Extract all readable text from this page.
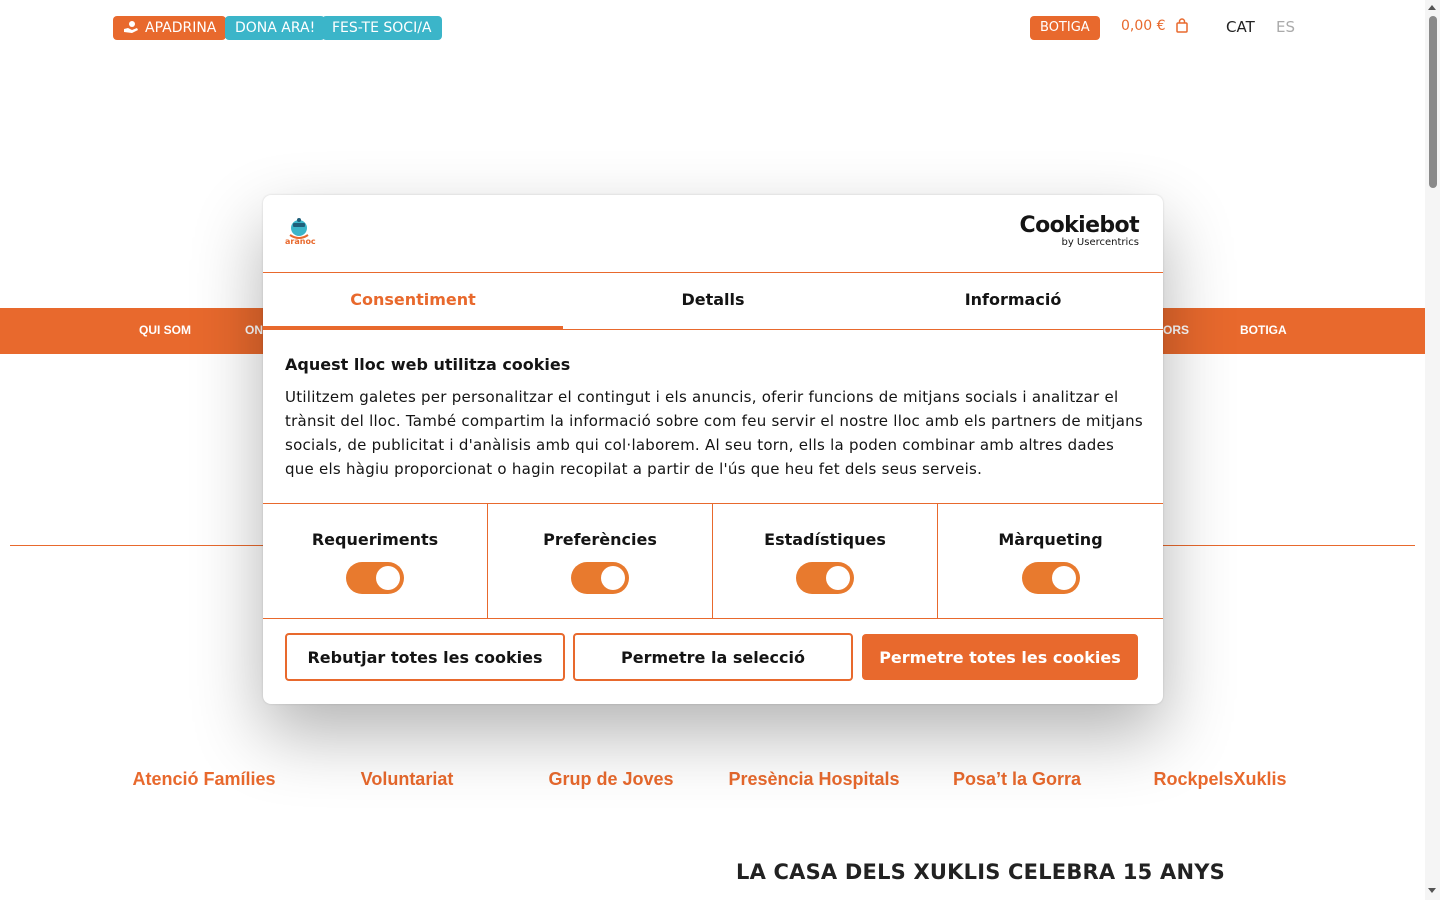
APADRINA	DONA ARA!	FES-TE SOCI/A	BOTIGA	0,00 €	CAT ES
QUI SOM	ON	ORS	BOTIGA
Atenció Famílies	Voluntariat	Grup de Joves	Presència Hospitals	Posa’t la Gorra	RockpelsXuklis
LA CASA DELS XUKLIS CELEBRA 15 ANYS
aranoc
Cookiebot
by Usercentrics
Consentiment	Detalls	Informació
Aquest lloc web utilitza cookies
Utilitzem galetes per personalitzar el contingut i els anuncis, oferir funcions de mitjans socials i analitzar el trànsit del lloc. També compartim la informació sobre com feu servir el nostre lloc amb els partners de mitjans socials, de publicitat i d'anàlisis amb qui col·laborem. Al seu torn, ells la poden combinar amb altres dades que els hàgiu proporcionat o hagin recopilat a partir de l'ús que heu fet dels seus serveis.
Requeriments	Preferències	Estadístiques	Màrqueting
Rebutjar totes les cookies	Permetre la selecció	Permetre totes les cookies
